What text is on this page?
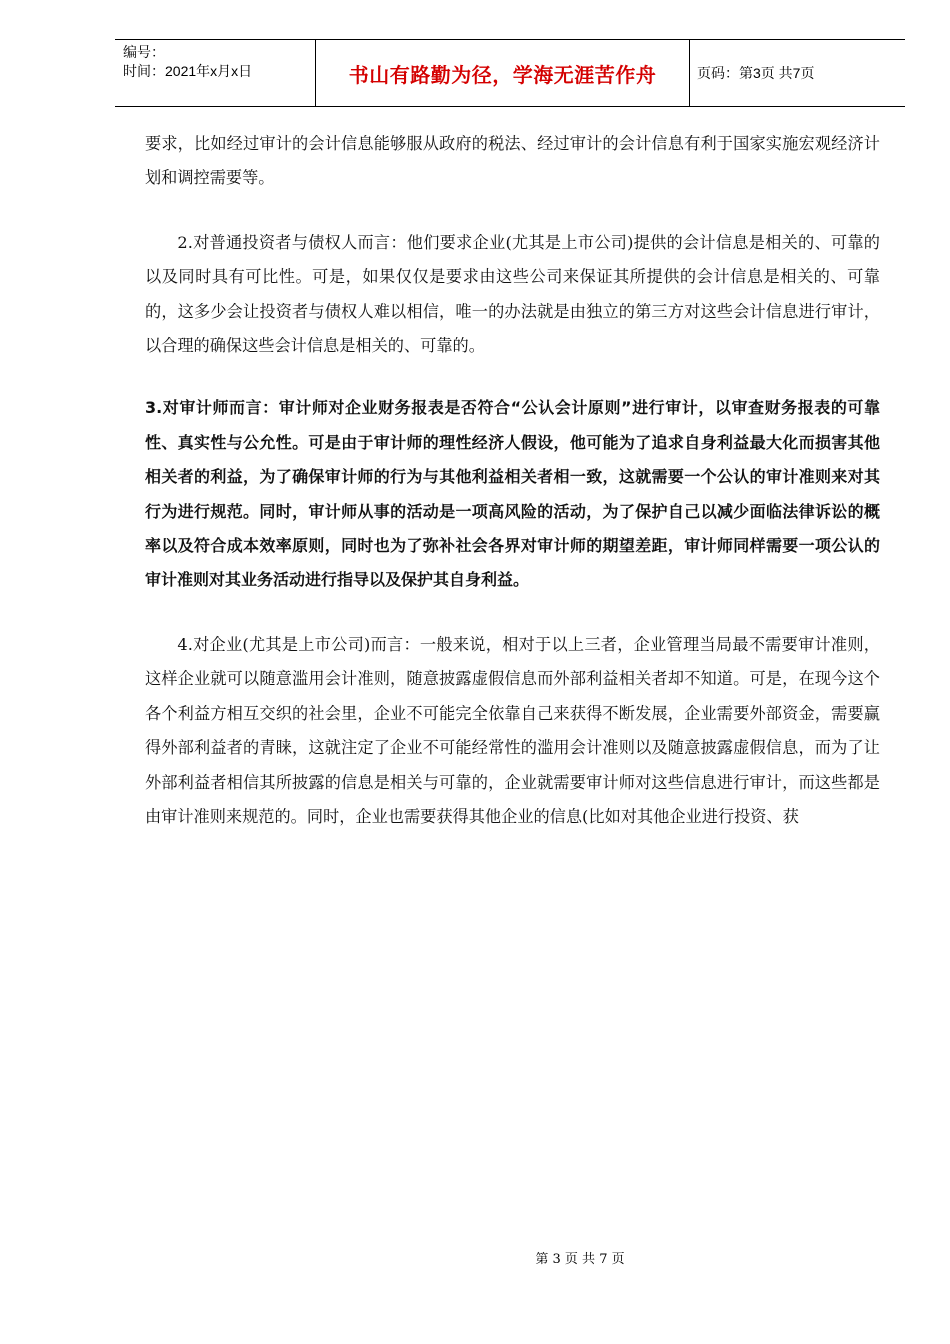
编号：
时间：2021年x月x日	书山有路勤为径，学海无涯苦作舟	页码：第3页 共7页

要求，比如经过审计的会计信息能够服从政府的税法、经过审计的会计信息有利于国家实施宏观经济计划和调控需要等。

2.对普通投资者与债权人而言：他们要求企业(尤其是上市公司)提供的会计信息是相关的、可靠的以及同时具有可比性。可是，如果仅仅是要求由这些公司来保证其所提供的会计信息是相关的、可靠的，这多少会让投资者与债权人难以相信，唯一的办法就是由独立的第三方对这些会计信息进行审计，以合理的确保这些会计信息是相关的、可靠的。

3.对审计师而言：审计师对企业财务报表是否符合“公认会计原则”进行审计，以审查财务报表的可靠性、真实性与公允性。可是由于审计师的理性经济人假设，他可能为了追求自身利益最大化而损害其他相关者的利益，为了确保审计师的行为与其他利益相关者相一致，这就需要一个公认的审计准则来对其行为进行规范。同时，审计师从事的活动是一项高风险的活动，为了保护自己以减少面临法律诉讼的概率以及符合成本效率原则，同时也为了弥补社会各界对审计师的期望差距，审计师同样需要一项公认的审计准则对其业务活动进行指导以及保护其自身利益。

4.对企业(尤其是上市公司)而言：一般来说，相对于以上三者，企业管理当局最不需要审计准则，这样企业就可以随意滥用会计准则，随意披露虚假信息而外部利益相关者却不知道。可是，在现今这个各个利益方相互交织的社会里，企业不可能完全依靠自己来获得不断发展，企业需要外部资金，需要赢得外部利益者的青睐，这就注定了企业不可能经常性的滥用会计准则以及随意披露虚假信息，而为了让外部利益者相信其所披露的信息是相关与可靠的，企业就需要审计师对这些信息进行审计，而这些都是由审计准则来规范的。同时，企业也需要获得其他企业的信息(比如对其他企业进行投资、获

第 3 页 共 7 页
